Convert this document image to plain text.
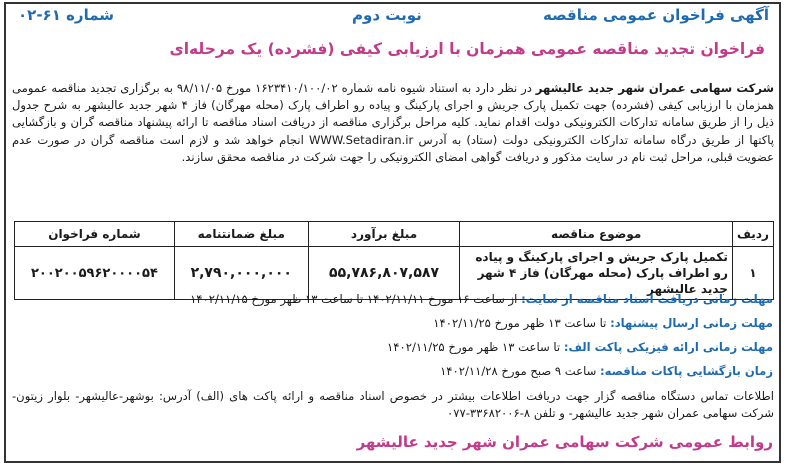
آگهی فراخوان عمومی مناقصه
نوبت دوم
شماره ۶۱-۰۲
فراخوان تجدید مناقصه عمومی همزمان با ارزیابی کیفی (فشرده) یک مرحله‌ای
شرکت سهامی عمران شهر جدید عالیشهر در نظر دارد به استناد شیوه نامه شماره ۱۶۲۳۴۱۰/۱۰۰/۰۲ مورخ ۹۸/۱۱/۰۵ به برگزاری تجدید مناقصه عمومی همزمان با ارزیابی کیفی (فشرده) جهت تکمیل پارک جریش و اجرای پارکینگ و پیاده رو اطراف پارک (محله مهرگان) فاز ۴ شهر جدید عالیشهر به شرح جدول ذیل را از طریق سامانه تدارکات الکترونیکی دولت اقدام نماید. کلیه مراحل برگزاری مناقصه از دریافت اسناد مناقصه تا ارائه پیشنهاد مناقصه گران و بازگشایی پاکتها از طریق درگاه سامانه تدارکات الکترونیکی دولت (ستاد) به آدرس WWW.Setadiran.ir انجام خواهد شد و لازم است مناقصه گران در صورت عدم عضویت قبلی، مراحل ثبت نام در سایت مذکور و دریافت گواهی امضای الکترونیکی را جهت شرکت در مناقصه محقق سازند.
ردیف	موضوع مناقصه	مبلغ برآورد	مبلغ ضمانتنامه	شماره فراخوان
۱	تکمیل پارک جریش و اجرای پارکینگ و پیاده رو اطراف پارک (محله مهرگان) فاز ۴ شهر جدید عالیشهر	۵۵,۷۸۶,۸۰۷,۵۸۷	۲,۷۹۰,۰۰۰,۰۰۰	۲۰۰۲۰۰۵۹۶۲۰۰۰۰۵۴
مهلت زمانی دریافت اسناد مناقصه از سایت: از ساعت ۱۶ مورخ ۱۴۰۲/۱۱/۱۱ تا ساعت ۱۳ ظهر مورخ ۱۴۰۲/۱۱/۱۵
مهلت زمانی ارسال پیشنهاد: تا ساعت ۱۳ ظهر مورخ ۱۴۰۲/۱۱/۲۵
مهلت زمانی ارائه فیزیکی پاکت الف: تا ساعت ۱۳ ظهر مورخ ۱۴۰۲/۱۱/۲۵
زمان بازگشایی پاکات مناقصه: ساعت ۹ صبح مورخ ۱۴۰۲/۱۱/۲۸
اطلاعات تماس دستگاه مناقصه گزار جهت دریافت اطلاعات بیشتر در خصوص اسناد مناقصه و ارائه پاکت های (الف) آدرس: بوشهر-عالیشهر- بلوار زیتون- شرکت سهامی عمران شهر جدید عالیشهر- و تلفن ۸-۳۳۶۸۲۰۰۶-۰۷۷
روابط عمومی شرکت سهامی عمران شهر جدید عالیشهر
